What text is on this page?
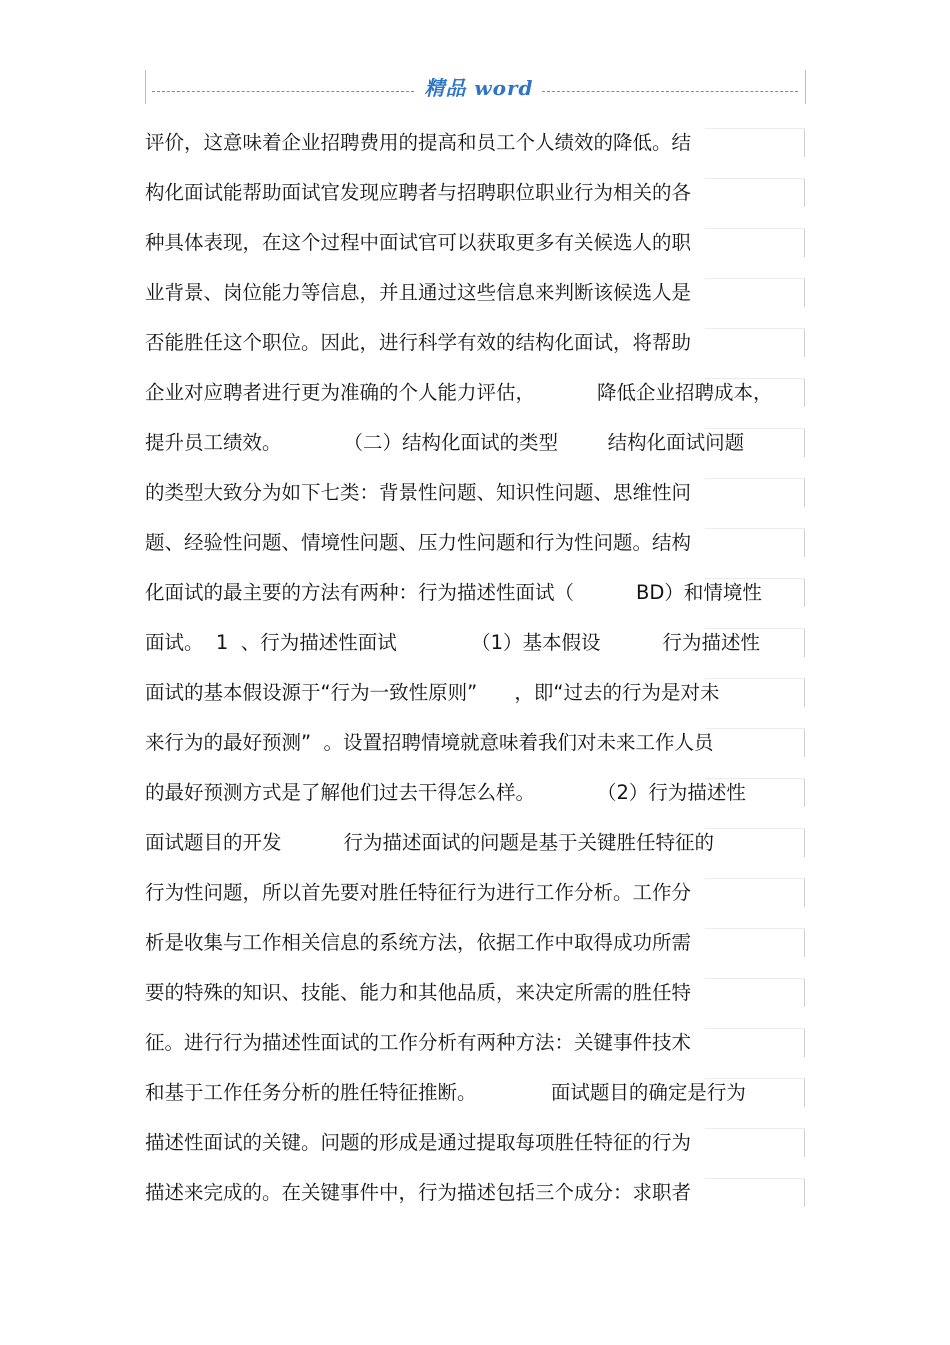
精品 word
评价，这意味着企业招聘费用的提高和员工个人绩效的降低。结
构化面试能帮助面试官发现应聘者与招聘职位职业行为相关的各
种具体表现，在这个过程中面试官可以获取更多有关候选人的职
业背景、岗位能力等信息，并且通过这些信息来判断该候选人是
否能胜任这个职位。因此，进行科学有效的结构化面试，将帮助
企业对应聘者进行更为准确的个人能力评估，          降低企业招聘成本，
提升员工绩效。          （二）结构化面试的类型        结构化面试问题
的类型大致分为如下七类：背景性问题、知识性问题、思维性问
题、经验性问题、情境性问题、压力性问题和行为性问题。结构
化面试的最主要的方法有两种：行为描述性面试（          BD）和情境性
面试。  1  、行为描述性面试            （1）基本假设          行为描述性
面试的基本假设源于“行为一致性原则”      ，即“过去的行为是对未
来行为的最好预测”  。设置招聘情境就意味着我们对未来工作人员
的最好预测方式是了解他们过去干得怎么样。          （2）行为描述性
面试题目的开发          行为描述面试的问题是基于关键胜任特征的
行为性问题，所以首先要对胜任特征行为进行工作分析。工作分
析是收集与工作相关信息的系统方法，依据工作中取得成功所需
要的特殊的知识、技能、能力和其他品质，来决定所需的胜任特
征。进行行为描述性面试的工作分析有两种方法：关键事件技术
和基于工作任务分析的胜任特征推断。            面试题目的确定是行为
描述性面试的关键。问题的形成是通过提取每项胜任特征的行为
描述来完成的。在关键事件中，行为描述包括三个成分：求职者
